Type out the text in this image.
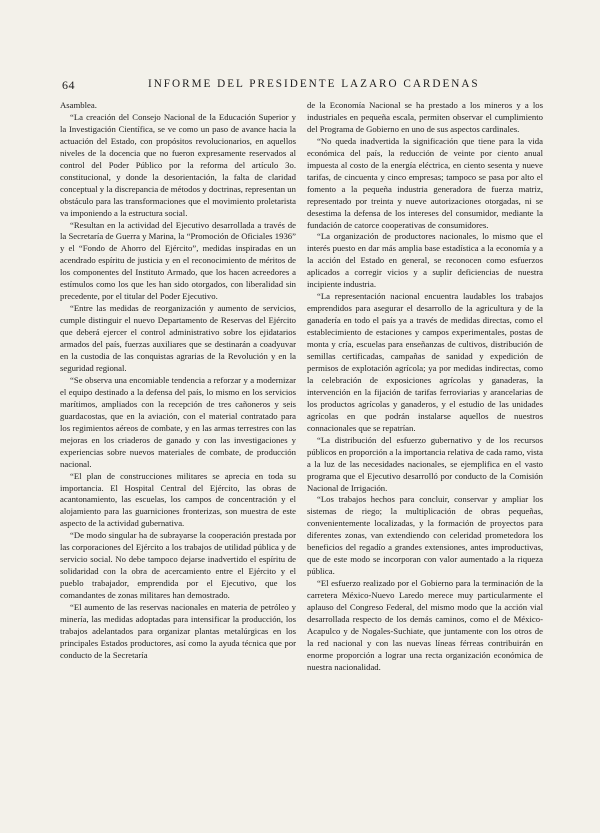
64	INFORME DEL PRESIDENTE LAZARO CARDENAS

Asamblea.

“La creación del Consejo Nacional de la Educación Superior y la Investigación Científica, se ve como un paso de avance hacia la actuación del Estado, con propósitos revolucionarios, en aquellos niveles de la docencia que no fueron expresamente reservados al control del Poder Público por la reforma del artículo 3o. constitucional, y donde la desorientación, la falta de claridad conceptual y la discrepancia de métodos y doctrinas, representan un obstáculo para las transformaciones que el movimiento proletarista va imponiendo a la estructura social.

“Resultan en la actividad del Ejecutivo desarrollada a través de la Secretaría de Guerra y Marina, la “Promoción de Oficiales 1936” y el “Fondo de Ahorro del Ejército”, medidas inspiradas en un acendrado espíritu de justicia y en el reconocimiento de méritos de los componentes del Instituto Armado, que los hacen acreedores a estímulos como los que les han sido otorgados, con liberalidad sin precedente, por el titular del Poder Ejecutivo.

“Entre las medidas de reorganización y aumento de servicios, cumple distinguir el nuevo Departamento de Reservas del Ejército que deberá ejercer el control administrativo sobre los ejidatarios armados del país, fuerzas auxiliares que se destinarán a coadyuvar en la custodia de las conquistas agrarias de la Revolución y en la seguridad regional.

“Se observa una encomiable tendencia a reforzar y a modernizar el equipo destinado a la defensa del país, lo mismo en los servicios marítimos, ampliados con la recepción de tres cañoneros y seis guardacostas, que en la aviación, con el material contratado para los regimientos aéreos de combate, y en las armas terrestres con las mejoras en los criaderos de ganado y con las investigaciones y experiencias sobre nuevos materiales de combate, de producción nacional.

“El plan de construcciones militares se aprecia en toda su importancia. El Hospital Central del Ejército, las obras de acantonamiento, las escuelas, los campos de concentración y el alojamiento para las guarniciones fronterizas, son muestra de este aspecto de la actividad gubernativa.

“De modo singular ha de subrayarse la cooperación prestada por las corporaciones del Ejército a los trabajos de utilidad pública y de servicio social. No debe tampoco dejarse inadvertido el espíritu de solidaridad con la obra de acercamiento entre el Ejército y el pueblo trabajador, emprendida por el Ejecutivo, que los comandantes de zonas militares han demostrado.

“El aumento de las reservas nacionales en materia de petróleo y minería, las medidas adoptadas para intensificar la producción, los trabajos adelantados para organizar plantas metalúrgicas en los principales Estados productores, así como la ayuda técnica que por conducto de la Secretaría

de la Economía Nacional se ha prestado a los mineros y a los industriales en pequeña escala, permiten observar el cumplimiento del Programa de Gobierno en uno de sus aspectos cardinales.

“No queda inadvertida la significación que tiene para la vida económica del país, la reducción de veinte por ciento anual impuesta al costo de la energía eléctrica, en ciento sesenta y nueve tarifas, de cincuenta y cinco empresas; tampoco se pasa por alto el fomento a la pequeña industria generadora de fuerza matriz, representado por treinta y nueve autorizaciones otorgadas, ni se desestima la defensa de los intereses del consumidor, mediante la fundación de catorce cooperativas de consumidores.

“La organización de productores nacionales, lo mismo que el interés puesto en dar más amplia base estadística a la economía y a la acción del Estado en general, se reconocen como esfuerzos aplicados a corregir vicios y a suplir deficiencias de nuestra incipiente industria.

“La representación nacional encuentra laudables los trabajos emprendidos para asegurar el desarrollo de la agricultura y de la ganadería en todo el país ya a través de medidas directas, como el establecimiento de estaciones y campos experimentales, postas de monta y cría, escuelas para enseñanzas de cultivos, distribución de semillas certificadas, campañas de sanidad y expedición de permisos de explotación agrícola; ya por medidas indirectas, como la celebración de exposiciones agrícolas y ganaderas, la intervención en la fijación de tarifas ferroviarias y arancelarias de los productos agrícolas y ganaderos, y el estudio de las unidades agrícolas en que podrán instalarse aquellos de nuestros connacionales que se repatrían.

“La distribución del esfuerzo gubernativo y de los recursos públicos en proporción a la importancia relativa de cada ramo, vista a la luz de las necesidades nacionales, se ejemplifica en el vasto programa que el Ejecutivo desarrolló por conducto de la Comisión Nacional de Irrigación.

“Los trabajos hechos para concluir, conservar y ampliar los sistemas de riego; la multiplicación de obras pequeñas, convenientemente localizadas, y la formación de proyectos para diferentes zonas, van extendiendo con celeridad prometedora los beneficios del regadío a grandes extensiones, antes improductivas, que de este modo se incorporan con valor aumentado a la riqueza pública.

“El esfuerzo realizado por el Gobierno para la terminación de la carretera México-Nuevo Laredo merece muy particularmente el aplauso del Congreso Federal, del mismo modo que la acción vial desarrollada respecto de los demás caminos, como el de México-Acapulco y de Nogales-Suchiate, que juntamente con los otros de la red nacional y con las nuevas líneas férreas contribuirán en enorme proporción a lograr una recta organización económica de nuestra nacionalidad.
